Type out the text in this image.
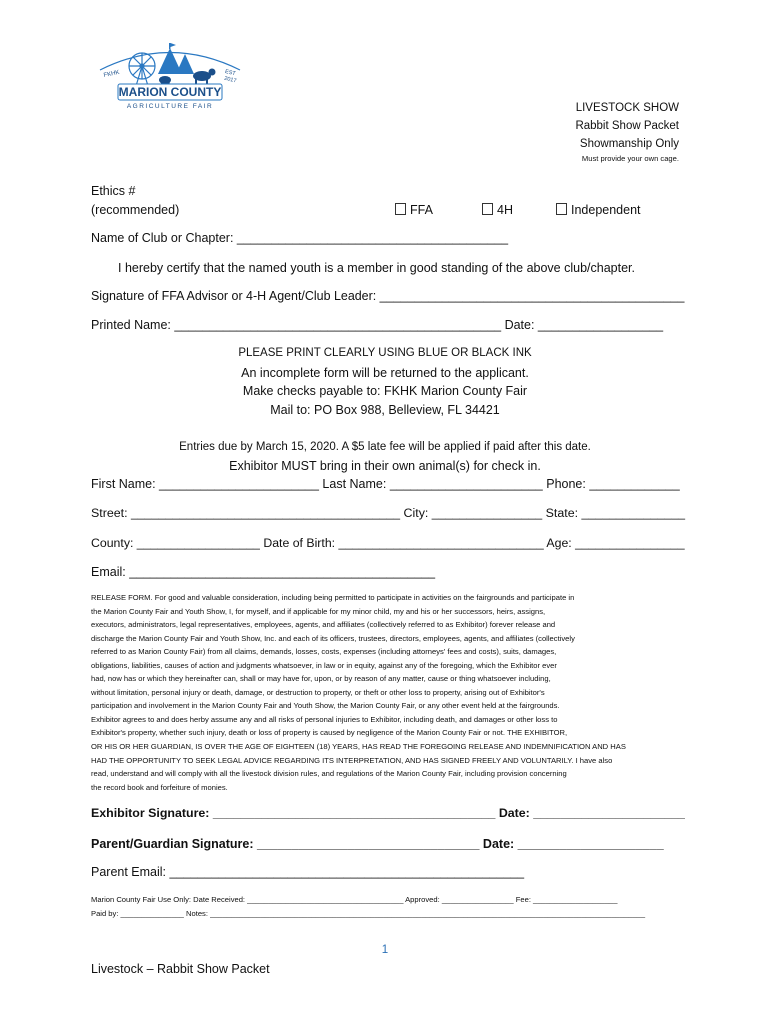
MARION COUNTY
AGRICULTURE FAIR
FKHK	EST
2017
LIVESTOCK SHOW
Rabbit Show Packet
Showmanship Only
Must provide your own cage.
Ethics #
(recommended)	FFA	4H	Independent
Name of Club or Chapter: _______________________________________
I hereby certify that the named youth is a member in good standing of the above club/chapter.
Signature of FFA Advisor or 4-H Agent/Club Leader: ____________________________________________
Printed Name: _______________________________________________ Date: __________________
PLEASE PRINT CLEARLY USING BLUE OR BLACK INK
An incomplete form will be returned to the applicant.
Make checks payable to: FKHK Marion County Fair
Mail to: PO Box 988, Belleview, FL 34421
Entries due by March 15, 2020. A $5 late fee will be applied if paid after this date.
Exhibitor MUST bring in their own animal(s) for check in.
First Name: _______________________ Last Name: ______________________ Phone: _____________
Street: _______________________________________ City: ________________ State: _______________
County: __________________ Date of Birth: ______________________________ Age: ________________
Email: ____________________________________________

RELEASE FORM. For good and valuable consideration, including being permitted to participate in activities on the fairgrounds and participate in

the Marion County Fair and Youth Show, I, for myself, and if applicable for my minor child, my and his or her successors, heirs, assigns,

executors, administrators, legal representatives, employees, agents, and affiliates (collectively referred to as Exhibitor) forever release and

discharge the Marion County Fair and Youth Show, Inc. and each of its officers, trustees, directors, employees, agents, and affiliates (collectively

referred to as Marion County Fair) from all claims, demands, losses, costs, expenses (including attorneys' fees and costs), suits, damages,

obligations, liabilities, causes of action and judgments whatsoever, in law or in equity, against any of the foregoing, which the Exhibitor ever

had, now has or which they hereinafter can, shall or may have for, upon, or by reason of any matter, cause or thing whatsoever including,

without limitation, personal injury or death, damage, or destruction to property, or theft or other loss to property, arising out of Exhibitor's

participation and involvement in the Marion County Fair and Youth Show, the Marion County Fair, or any other event held at the fairgrounds.

Exhibitor agrees to and does herby assume any and all risks of personal injuries to Exhibitor, including death, and damages or other loss to

Exhibitor's property, whether such injury, death or loss of property is caused by negligence of the Marion County Fair or not. THE EXHIBITOR,

OR HIS OR HER GUARDIAN, IS OVER THE AGE OF EIGHTEEN (18) YEARS, HAS READ THE FOREGOING RELEASE AND INDEMNIFICATION AND HAS

HAD THE OPPORTUNITY TO SEEK LEGAL ADVICE REGARDING ITS INTERPRETATION, AND HAS SIGNED FREELY AND VOLUNTARILY. I have also

read, understand and will comply with all the livestock division rules, and regulations of the Marion County Fair, including provision concerning

the record book and forfeiture of monies.

Exhibitor Signature: _________________________________________ Date: ______________________
Parent/Guardian Signature: ________________________________ Date: _____________________
Parent Email: ___________________________________________________
Marion County Fair Use Only: Date Received: _____________________________________ Approved: _________________ Fee: ____________________
Paid by: _______________ Notes: _______________________________________________________________________________________________________
1
Livestock – Rabbit Show Packet
